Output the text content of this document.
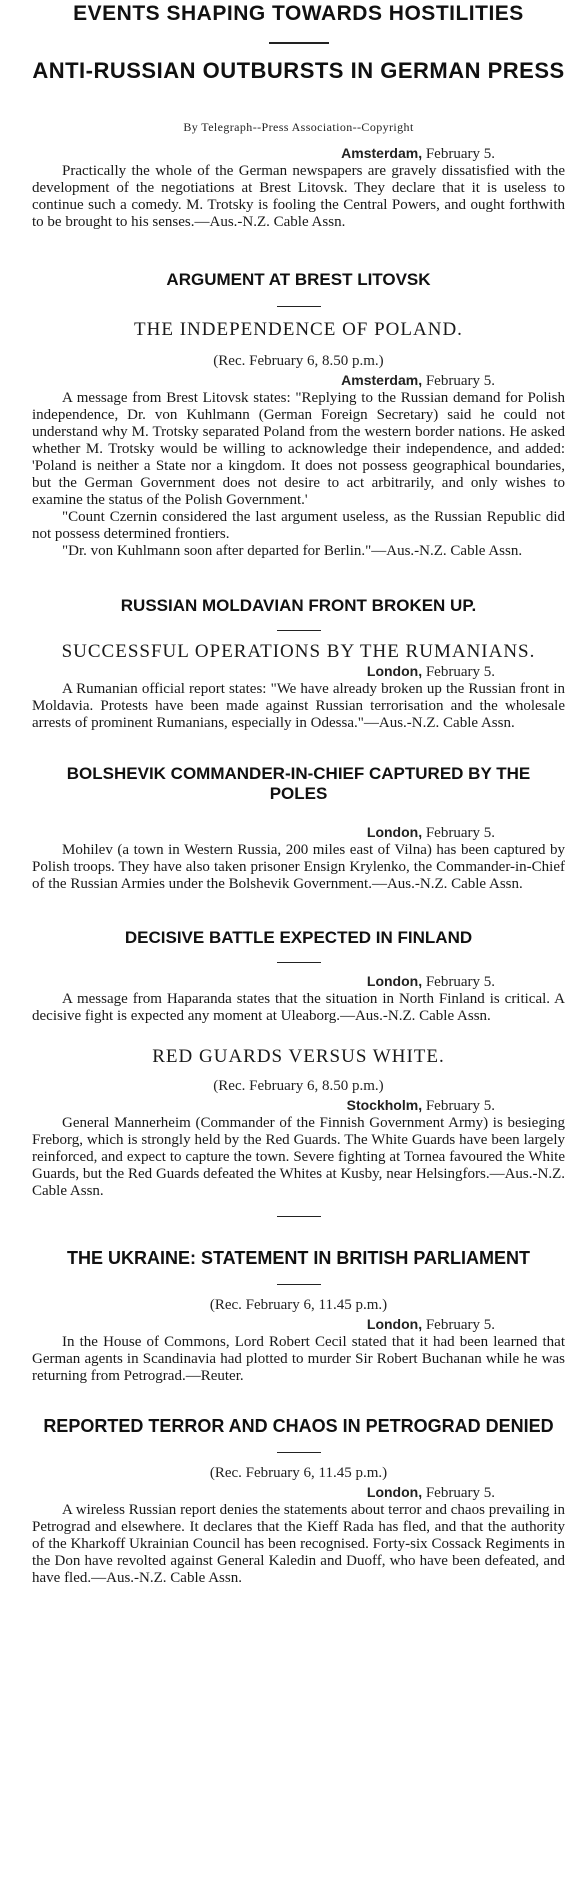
EVENTS SHAPING TOWARDS HOSTILITIES
ANTI-RUSSIAN OUTBURSTS IN GERMAN PRESS
By Telegraph--Press Association--Copyright
Amsterdam, February 5.

Practically the whole of the German newspapers are gravely dissatisfied with the development of the negotiations at Brest Litovsk. They declare that it is useless to continue such a comedy. M. Trotsky is fooling the Central Powers, and ought forthwith to be brought to his senses.—Aus.-N.Z. Cable Assn.

ARGUMENT AT BREST LITOVSK
THE INDEPENDENCE OF POLAND.
(Rec. February 6, 8.50 p.m.)
Amsterdam, February 5.

A message from Brest Litovsk states: "Replying to the Russian demand for Polish independence, Dr. von Kuhlmann (German Foreign Secretary) said he could not understand why M. Trotsky separated Poland from the western border nations. He asked whether M. Trotsky would be willing to acknowledge their independence, and added: 'Poland is neither a State nor a kingdom. It does not possess geographical boundaries, but the German Government does not desire to act arbitrarily, and only wishes to examine the status of the Polish Government.'

"Count Czernin considered the last argument useless, as the Russian Republic did not possess determined frontiers.

"Dr. von Kuhlmann soon after departed for Berlin."—Aus.-N.Z. Cable Assn.

RUSSIAN MOLDAVIAN FRONT BROKEN UP.
SUCCESSFUL OPERATIONS BY THE RUMANIANS.
London, February 5.

A Rumanian official report states: "We have already broken up the Russian front in Moldavia. Protests have been made against Russian terrorisation and the wholesale arrests of prominent Rumanians, especially in Odessa."—Aus.-N.Z. Cable Assn.

BOLSHEVIK COMMANDER-IN-CHIEF CAPTURED BY THE POLES
London, February 5.

Mohilev (a town in Western Russia, 200 miles east of Vilna) has been captured by Polish troops. They have also taken prisoner Ensign Krylenko, the Commander-in-Chief of the Russian Armies under the Bolshevik Government.—Aus.-N.Z. Cable Assn.

DECISIVE BATTLE EXPECTED IN FINLAND
London, February 5.

A message from Haparanda states that the situation in North Finland is critical. A decisive fight is expected any moment at Uleaborg.—Aus.-N.Z. Cable Assn.

RED GUARDS VERSUS WHITE.
(Rec. February 6, 8.50 p.m.)
Stockholm, February 5.

General Mannerheim (Commander of the Finnish Government Army) is besieging Freborg, which is strongly held by the Red Guards. The White Guards have been largely reinforced, and expect to capture the town. Severe fighting at Tornea favoured the White Guards, but the Red Guards defeated the Whites at Kusby, near Helsingfors.—Aus.-N.Z. Cable Assn.

THE UKRAINE: STATEMENT IN BRITISH PARLIAMENT
(Rec. February 6, 11.45 p.m.)
London, February 5.

In the House of Commons, Lord Robert Cecil stated that it had been learned that German agents in Scandinavia had plotted to murder Sir Robert Buchanan while he was returning from Petrograd.—Reuter.

REPORTED TERROR AND CHAOS IN PETROGRAD DENIED
(Rec. February 6, 11.45 p.m.)
London, February 5.

A wireless Russian report denies the statements about terror and chaos prevailing in Petrograd and elsewhere. It declares that the Kieff Rada has fled, and that the authority of the Kharkoff Ukrainian Council has been recognised. Forty-six Cossack Regiments in the Don have revolted against General Kaledin and Duoff, who have been defeated, and have fled.—Aus.-N.Z. Cable Assn.
